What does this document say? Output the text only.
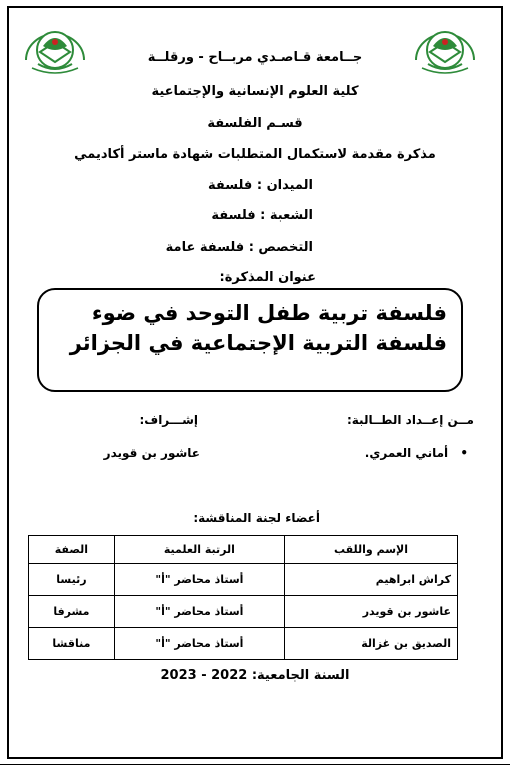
جــامعة قـاصـدي مربــاح - ورقلــة
كلية العلوم الإنسانية والإجتماعية
قسـم الفلسفة
مذكرة مقدمة لاستكمال المتطلبات شهادة ماستر أكاديمي
الميدان : فلسفة
الشعبة : فلسفة
التخصص : فلسفة عامة
عنوان المذكرة:
فلسفة تربية طفل التوحد في ضوء
فلسفة التربية الإجتماعية في الجزائر
مــن إعــداد الطــالبة:
إشـــراف:
• أماني العمري.
عاشور بن قويدر
أعضاء لجنة المناقشة:
الإسم واللقب	الرتبة العلمية	الصفة
كراش ابراهيم	أستاذ محاضر "أ"	رئيسا
عاشور بن قويدر	أستاذ محاضر "أ"	مشرفا
الصديق بن غزالة	أستاذ محاضر "أ"	مناقشا
السنة الجامعية: 2022 - 2023
